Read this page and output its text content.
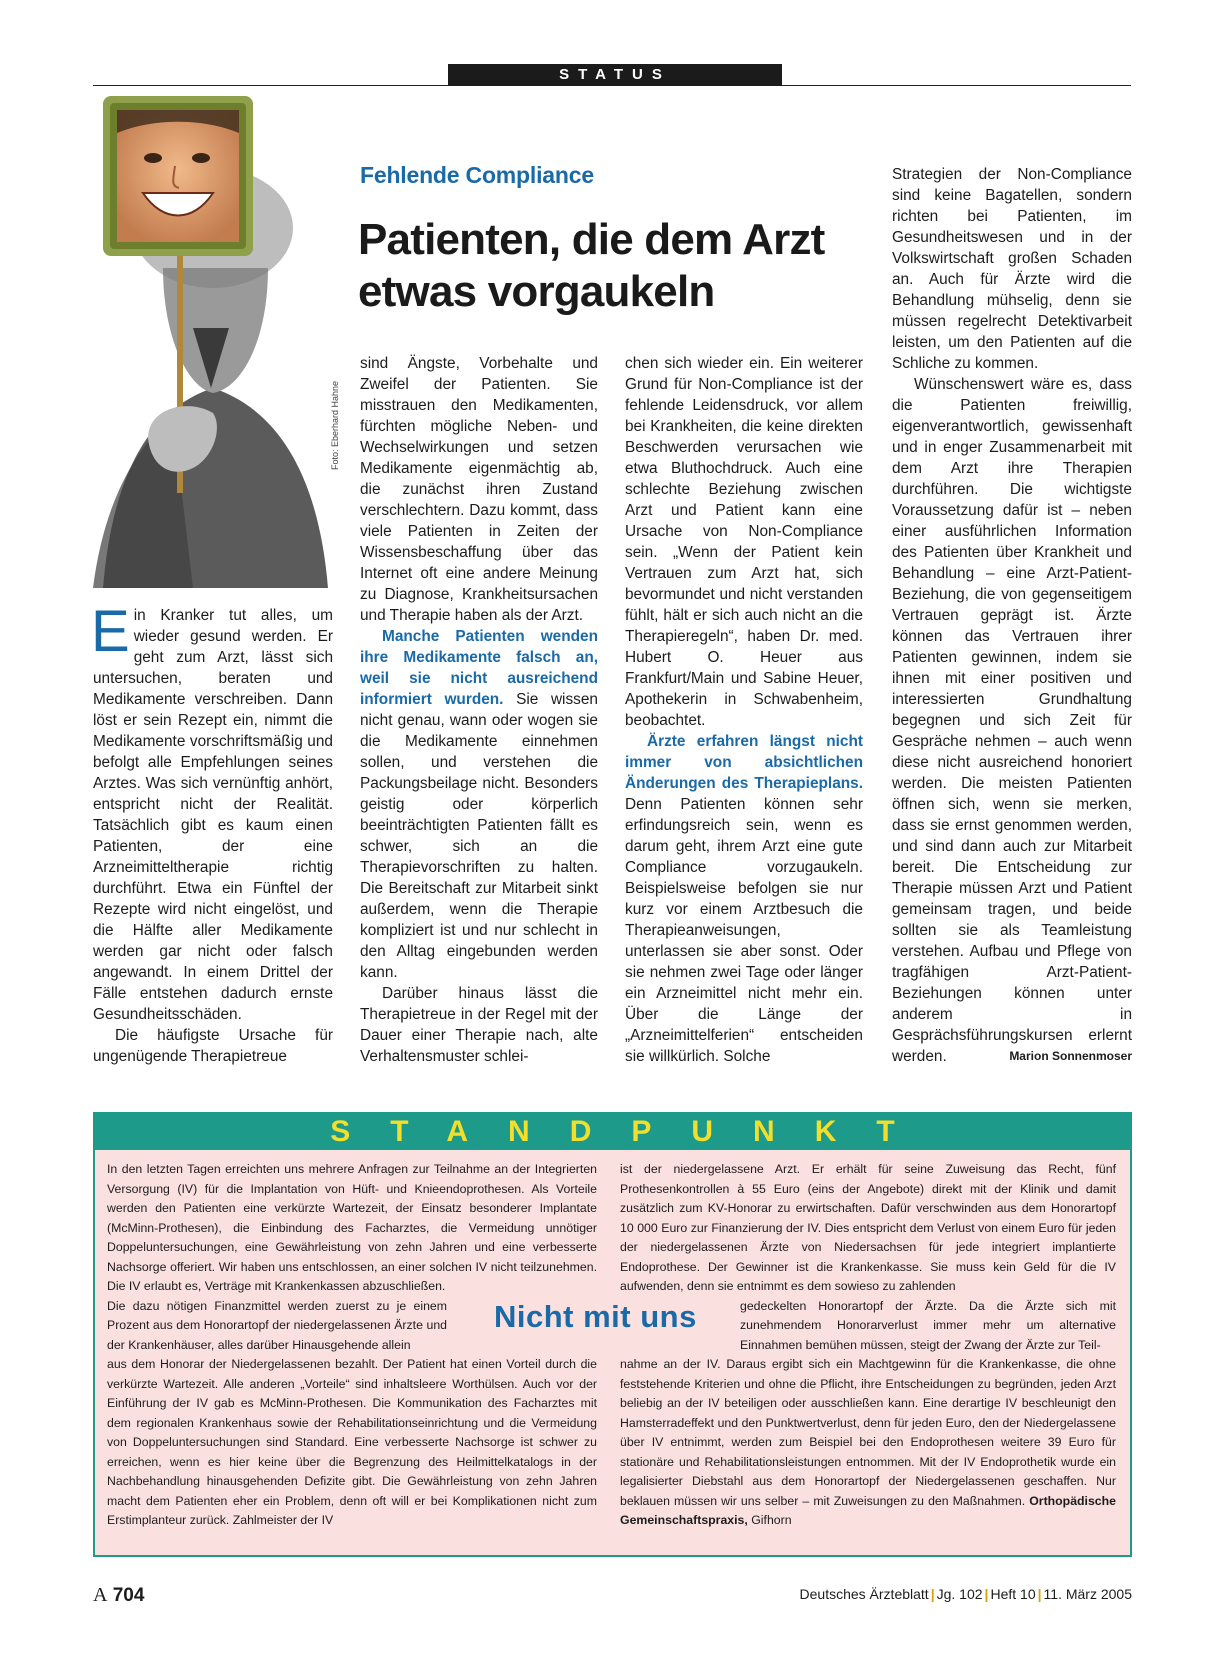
STATUS
Foto: Eberhard Hahne
Fehlende Compliance
Patienten, die dem Arzt etwas vorgaukeln

Ein Kranker tut alles, um wieder gesund werden. Er geht zum Arzt, lässt sich untersuchen, beraten und Medikamente verschreiben. Dann löst er sein Rezept ein, nimmt die Medikamente vorschriftsmäßig und befolgt alle Empfehlungen seines Arztes. Was sich vernünftig anhört, entspricht nicht der Realität. Tatsächlich gibt es kaum einen Patienten, der eine Arzneimitteltherapie richtig durchführt. Etwa ein Fünftel der Rezepte wird nicht eingelöst, und die Hälfte aller Medikamente werden gar nicht oder falsch angewandt. In einem Drittel der Fälle entstehen dadurch ernste Gesundheitsschäden.

Die häufigste Ursache für ungenügende Therapietreue

sind Ängste, Vorbehalte und Zweifel der Patienten. Sie misstrauen den Medikamenten, fürchten mögliche Neben- und Wechselwirkungen und setzen Medikamente eigenmächtig ab, die zunächst ihren Zustand verschlechtern. Dazu kommt, dass viele Patienten in Zeiten der Wissensbeschaffung über das Internet oft eine andere Meinung zu Diagnose, Krankheitsursachen und Therapie haben als der Arzt.

Manche Patienten wenden ihre Medikamente falsch an, weil sie nicht ausreichend informiert wurden. Sie wissen nicht genau, wann oder wogen sie die Medikamente einnehmen sollen, und verstehen die Packungsbeilage nicht. Besonders geistig oder körperlich beeinträchtigten Patienten fällt es schwer, sich an die Therapievorschriften zu halten. Die Bereitschaft zur Mitarbeit sinkt außerdem, wenn die Therapie kompliziert ist und nur schlecht in den Alltag eingebunden werden kann.

Darüber hinaus lässt die Therapietreue in der Regel mit der Dauer einer Therapie nach, alte Verhaltensmuster schlei-

chen sich wieder ein. Ein weiterer Grund für Non-Compliance ist der fehlende Leidensdruck, vor allem bei Krankheiten, die keine direkten Beschwerden verursachen wie etwa Bluthochdruck. Auch eine schlechte Beziehung zwischen Arzt und Patient kann eine Ursache von Non-Compliance sein. „Wenn der Patient kein Vertrauen zum Arzt hat, sich bevormundet und nicht verstanden fühlt, hält er sich auch nicht an die Therapieregeln“, haben Dr. med. Hubert O. Heuer aus Frankfurt/Main und Sabine Heuer, Apothekerin in Schwabenheim, beobachtet.

Ärzte erfahren längst nicht immer von absichtlichen Änderungen des Therapieplans. Denn Patienten können sehr erfindungsreich sein, wenn es darum geht, ihrem Arzt eine gute Compliance vorzugaukeln. Beispielsweise befolgen sie nur kurz vor einem Arztbesuch die Therapieanweisungen, unterlassen sie aber sonst. Oder sie nehmen zwei Tage oder länger ein Arzneimittel nicht mehr ein. Über die Länge der „Arzneimittelferien“ entscheiden sie willkürlich. Solche

Strategien der Non-Compliance sind keine Bagatellen, sondern richten bei Patienten, im Gesundheitswesen und in der Volkswirtschaft großen Schaden an. Auch für Ärzte wird die Behandlung mühselig, denn sie müssen regelrecht Detektivarbeit leisten, um den Patienten auf die Schliche zu kommen.

Wünschenswert wäre es, dass die Patienten freiwillig, eigenverantwortlich, gewissenhaft und in enger Zusammenarbeit mit dem Arzt ihre Therapien durchführen. Die wichtigste Voraussetzung dafür ist – neben einer ausführlichen Information des Patienten über Krankheit und Behandlung – eine Arzt-Patient-Beziehung, die von gegenseitigem Vertrauen geprägt ist. Ärzte können das Vertrauen ihrer Patienten gewinnen, indem sie ihnen mit einer positiven und interessierten Grundhaltung begegnen und sich Zeit für Gespräche nehmen – auch wenn diese nicht ausreichend honoriert werden. Die meisten Patienten öffnen sich, wenn sie merken, dass sie ernst genommen werden, und sind dann auch zur Mitarbeit bereit. Die Entscheidung zur Therapie müssen Arzt und Patient gemeinsam tragen, und beide sollten sie als Teamleistung verstehen. Aufbau und Pflege von tragfähigen Arzt-Patient-Beziehungen können unter anderem in Gesprächsführungskursen erlernt werden.	Marion Sonnenmoser

STANDPUNKT

In den letzten Tagen erreichten uns mehrere Anfragen zur Teilnahme an der Integrierten Versorgung (IV) für die Implantation von Hüft- und Knieendoprothesen. Als Vorteile werden den Patienten eine verkürzte Wartezeit, der Einsatz besonderer Implantate (McMinn-Prothesen), die Einbindung des Facharztes, die Vermeidung unnötiger Doppeluntersuchungen, eine Gewährleistung von zehn Jahren und eine verbesserte Nachsorge offeriert. Wir haben uns entschlossen, an einer solchen IV nicht teilzunehmen. Die IV erlaubt es, Verträge mit Krankenkassen abzuschließen.

Die dazu nötigen Finanzmittel werden zuerst zu je einem Prozent aus dem Honorartopf der niedergelassenen Ärzte und der Krankenhäuser, alles darüber Hinausgehende allein

aus dem Honorar der Niedergelassenen bezahlt. Der Patient hat einen Vorteil durch die verkürzte Wartezeit. Alle anderen „Vorteile“ sind inhaltsleere Worthülsen. Auch vor der Einführung der IV gab es McMinn-Prothesen. Die Kommunikation des Facharztes mit dem regionalen Krankenhaus sowie der Rehabilitationseinrichtung und die Vermeidung von Doppeluntersuchungen sind Standard. Eine verbesserte Nachsorge ist schwer zu erreichen, wenn es hier keine über die Begrenzung des Heilmittelkatalogs in der Nachbehandlung hinausgehenden Defizite gibt. Die Gewährleistung von zehn Jahren macht dem Patienten eher ein Problem, denn oft will er bei Komplikationen nicht zum Erstimplanteur zurück. Zahlmeister der IV

ist der niedergelassene Arzt. Er erhält für seine Zuweisung das Recht, fünf Prothesenkontrollen à 55 Euro (eins der Angebote) direkt mit der Klinik und damit zusätzlich zum KV-Honorar zu erwirtschaften. Dafür verschwinden aus dem Honorartopf 10 000 Euro zur Finanzierung der IV. Dies entspricht dem Verlust von einem Euro für jeden der niedergelassenen Ärzte von Niedersachsen für jede integriert implantierte Endoprothese. Der Gewinner ist die Krankenkasse. Sie muss kein Geld für die IV aufwenden, denn sie entnimmt es dem sowieso zu zahlenden

gedeckelten Honorartopf der Ärzte. Da die Ärzte sich mit zunehmendem Honorarverlust immer mehr um alternative Einnahmen bemühen müssen, steigt der Zwang der Ärzte zur Teil-

nahme an der IV. Daraus ergibt sich ein Machtgewinn für die Krankenkasse, die ohne feststehende Kriterien und ohne die Pflicht, ihre Entscheidungen zu begründen, jeden Arzt beliebig an der IV beteiligen oder ausschließen kann. Eine derartige IV beschleunigt den Hamsterradeffekt und den Punktwertverlust, denn für jeden Euro, den der Niedergelassene über IV entnimmt, werden zum Beispiel bei den Endoprothesen weitere 39 Euro für stationäre und Rehabilitationsleistungen entnommen. Mit der IV Endoprothetik wurde ein legalisierter Diebstahl aus dem Honorartopf der Niedergelassenen geschaffen. Nur beklauen müssen wir uns selber – mit Zuweisungen zu den Maßnahmen. Orthopädische Gemeinschaftspraxis, Gifhorn

Nicht mit uns
A 704	Deutsches Ärzteblatt | Jg. 102 | Heft 10 | 11. März 2005
